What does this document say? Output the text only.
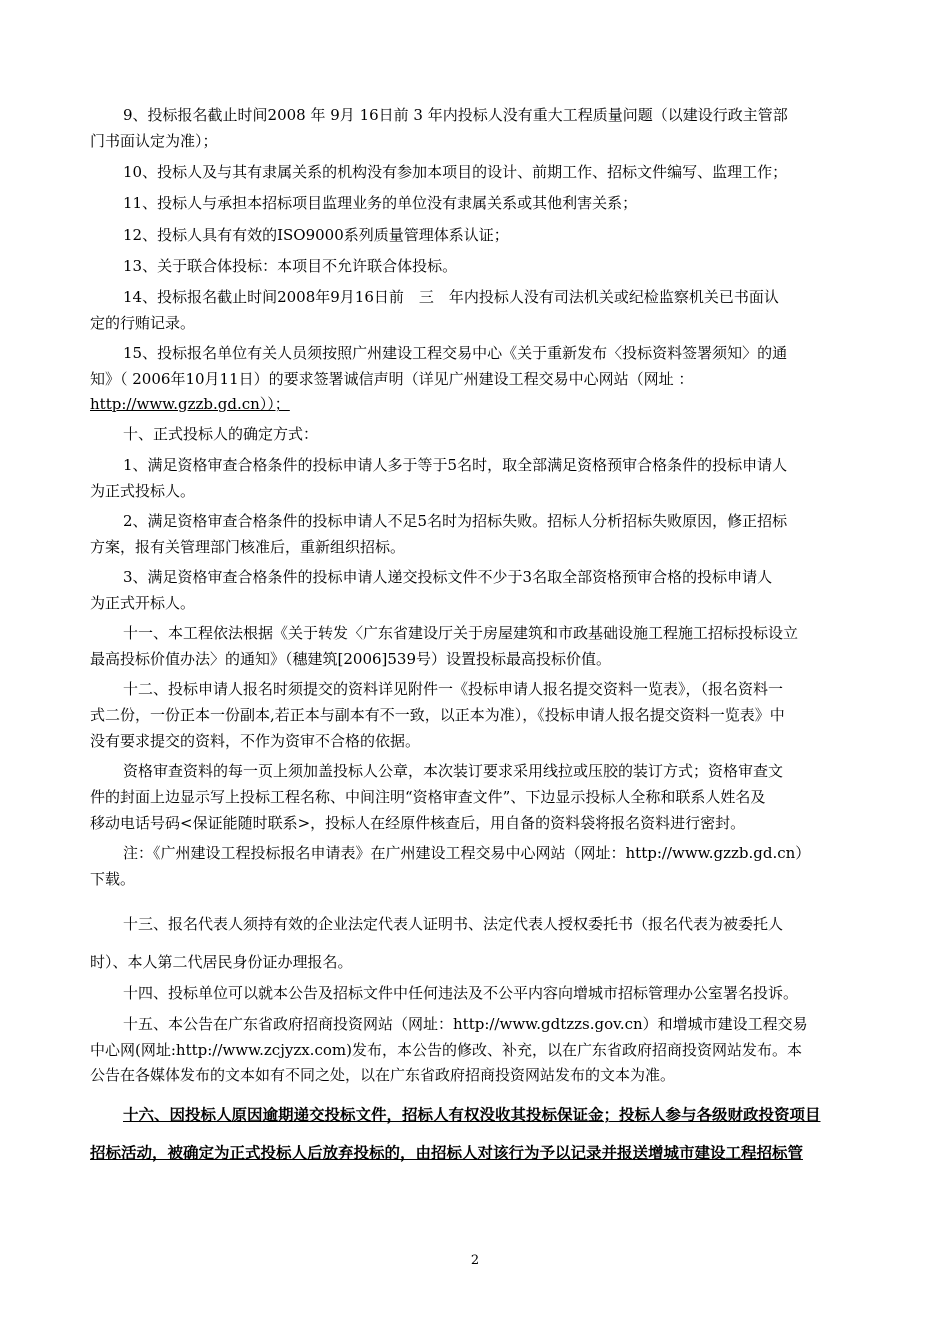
9、投标报名截止时间2008 年 9月 16日前 3 年内投标人没有重大工程质量问题（以建设行政主管部
门书面认定为准）；
10、投标人及与其有隶属关系的机构没有参加本项目的设计、前期工作、招标文件编写、监理工作；
11、投标人与承担本招标项目监理业务的单位没有隶属关系或其他利害关系；
12、投标人具有有效的ISO9000系列质量管理体系认证；
13、关于联合体投标：本项目不允许联合体投标。
14、投标报名截止时间2008年9月16日前　三　年内投标人没有司法机关或纪检监察机关已书面认
定的行贿记录。
15、投标报名单位有关人员须按照广州建设工程交易中心《关于重新发布〈投标资料签署须知〉的通
知》（ 2006年10月11日）的要求签署诚信声明（详见广州建设工程交易中心网站（网址 ：
http://www.gzzb.gd.cn））；
十、正式投标人的确定方式：
1、满足资格审查合格条件的投标申请人多于等于5名时，取全部满足资格预审合格条件的投标申请人
为正式投标人。
2、满足资格审查合格条件的投标申请人不足5名时为招标失败。招标人分析招标失败原因，修正招标
方案，报有关管理部门核准后，重新组织招标。
3、满足资格审查合格条件的投标申请人递交投标文件不少于3名取全部资格预审合格的投标申请人
为正式开标人。
十一、本工程依法根据《关于转发〈广东省建设厅关于房屋建筑和市政基础设施工程施工招标投标设立
最高投标价值办法〉的通知》（穗建筑[2006]539号）设置投标最高投标价值。
十二、投标申请人报名时须提交的资料详见附件一《投标申请人报名提交资料一览表》，（报名资料一
式二份，一份正本一份副本,若正本与副本有不一致，以正本为准），《投标申请人报名提交资料一览表》中
没有要求提交的资料，不作为资审不合格的依据。
资格审查资料的每一页上须加盖投标人公章，本次装订要求采用线拉或压胶的装订方式；资格审查文
件的封面上边显示写上投标工程名称、中间注明“资格审查文件”、下边显示投标人全称和联系人姓名及
移动电话号码<保证能随时联系>，投标人在经原件核查后，用自备的资料袋将报名资料进行密封。
注：《广州建设工程投标报名申请表》在广州建设工程交易中心网站（网址：http://www.gzzb.gd.cn）
下载。
十三、报名代表人须持有效的企业法定代表人证明书、法定代表人授权委托书（报名代表为被委托人
时）、本人第二代居民身份证办理报名。
十四、投标单位可以就本公告及招标文件中任何违法及不公平内容向增城市招标管理办公室署名投诉。
十五、本公告在广东省政府招商投资网站（网址：http://www.gdtzzs.gov.cn）和增城市建设工程交易
中心网(网址:http://www.zcjyzx.com)发布，本公告的修改、补充，以在广东省政府招商投资网站发布。本
公告在各媒体发布的文本如有不同之处，以在广东省政府招商投资网站发布的文本为准。
十六、因投标人原因逾期递交投标文件，招标人有权没收其投标保证金；投标人参与各级财政投资项目
招标活动，被确定为正式投标人后放弃投标的，由招标人对该行为予以记录并报送增城市建设工程招标管
2
